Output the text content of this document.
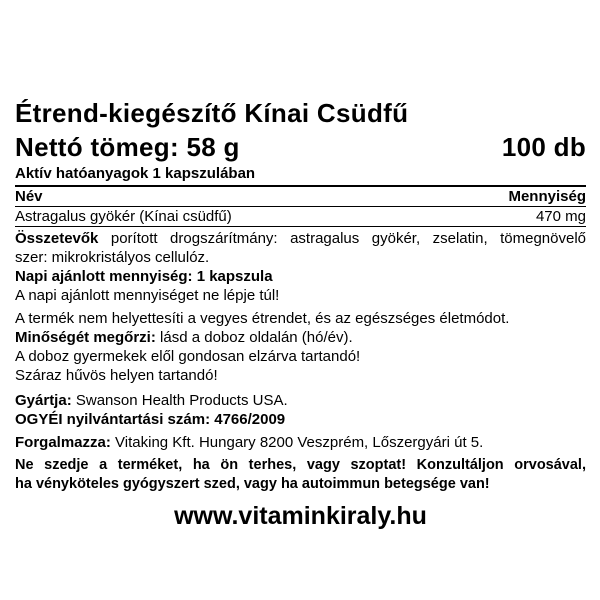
Étrend-kiegészítő Kínai Csüdfű
Nettó tömeg: 58 g	100 db
Aktív hatóanyagok 1 kapszulában
Név	Mennyiség
Astragalus gyökér (Kínai csüdfű)	470 mg
Összetevők porított drogszárítmány: astragalus gyökér, zselatin, tömegnövelő
szer: mikrokristályos cellulóz.
Napi ajánlott mennyiség: 1 kapszula
A napi ajánlott mennyiséget ne lépje túl!
A termék nem helyettesíti a vegyes étrendet, és az egészséges életmódot.
Minőségét megőrzi: lásd a doboz oldalán (hó/év).
A doboz gyermekek elől gondosan elzárva tartandó!
Száraz hűvös helyen tartandó!
Gyártja: Swanson Health Products USA.
OGYÉI nyilvántartási szám: 4766/2009
Forgalmazza: Vitaking Kft. Hungary 8200 Veszprém, Lőszergyári út 5.
Ne szedje a terméket, ha ön terhes, vagy szoptat! Konzultáljon orvosával,
ha vényköteles gyógyszert szed, vagy ha autoimmun betegsége van!
www.vitaminkiraly.hu
